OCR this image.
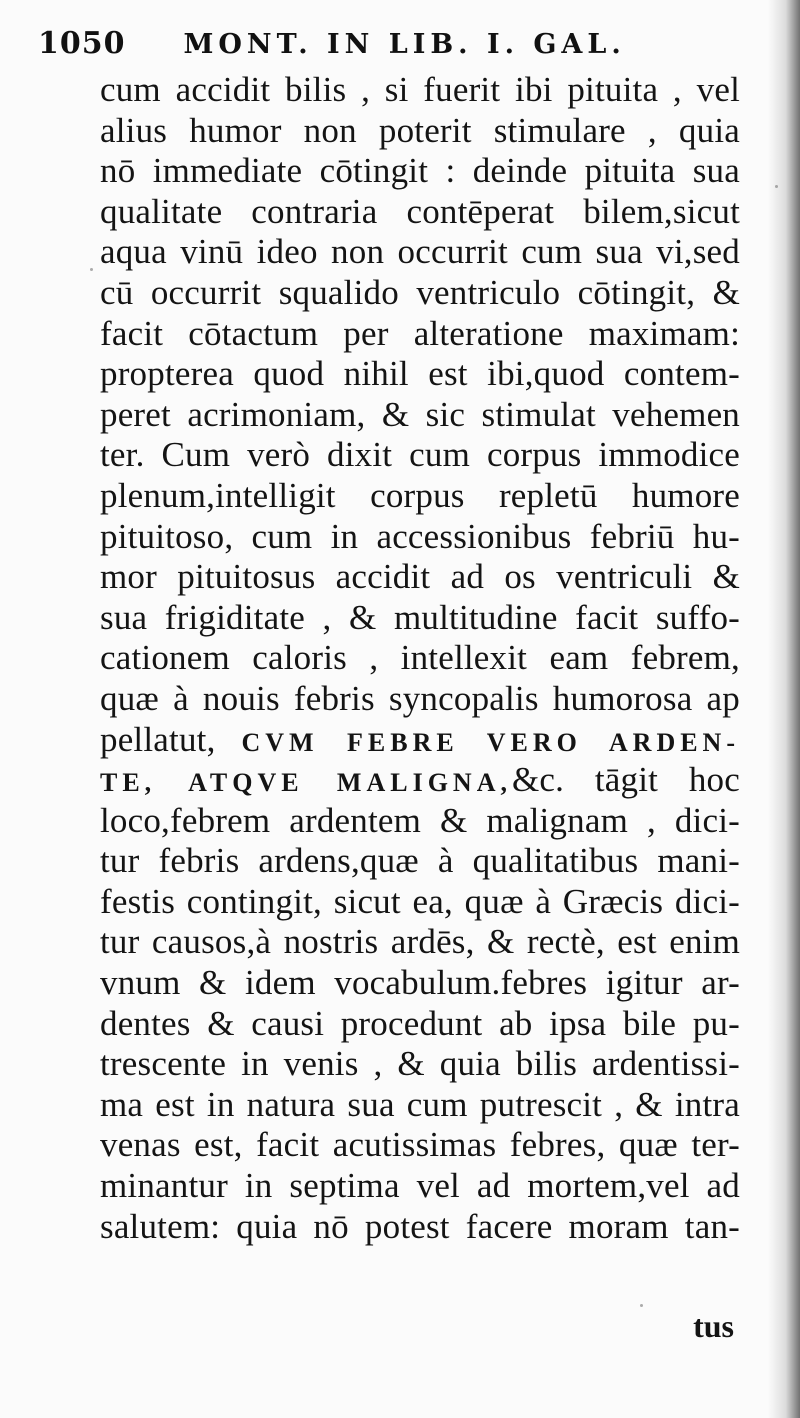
1050 MONT. IN LIB. I. GAL.
cum accidit bilis , si fuerit ibi pituita , vel
alius humor non poterit stimulare , quia
nō immediate cōtingit : deinde pituita sua
qualitate contraria contēperat bilem,sicut
aqua vinū ideo non occurrit cum sua vi,sed
cū occurrit squalido ventriculo cōtingit, &
facit cōtactum per alteratione maximam:
propterea quod nihil est ibi,quod contem-
peret acrimoniam, & sic stimulat vehemen
ter. Cum verò dixit cum corpus immodice
plenum,intelligit corpus repletū humore
pituitoso, cum in accessionibus febriū hu-
mor pituitosus accidit ad os ventriculi &
sua frigiditate , & multitudine facit suffo-
cationem caloris , intellexit eam febrem,
quæ à nouis febris syncopalis humorosa ap
pellatut, CVM FEBRE VERO ARDEN-
TE, ATQVE MALIGNA,&c. tāgit hoc
loco,febrem ardentem & malignam , dici-
tur febris ardens,quæ à qualitatibus mani-
festis contingit, sicut ea, quæ à Græcis dici-
tur causos,à nostris ardēs, & rectè, est enim
vnum & idem vocabulum.febres igitur ar-
dentes & causi procedunt ab ipsa bile pu-
trescente in venis , & quia bilis ardentissi-
ma est in natura sua cum putrescit , & intra
venas est, facit acutissimas febres, quæ ter-
minantur in septima vel ad mortem,vel ad
salutem: quia nō potest facere moram tan-
tus
